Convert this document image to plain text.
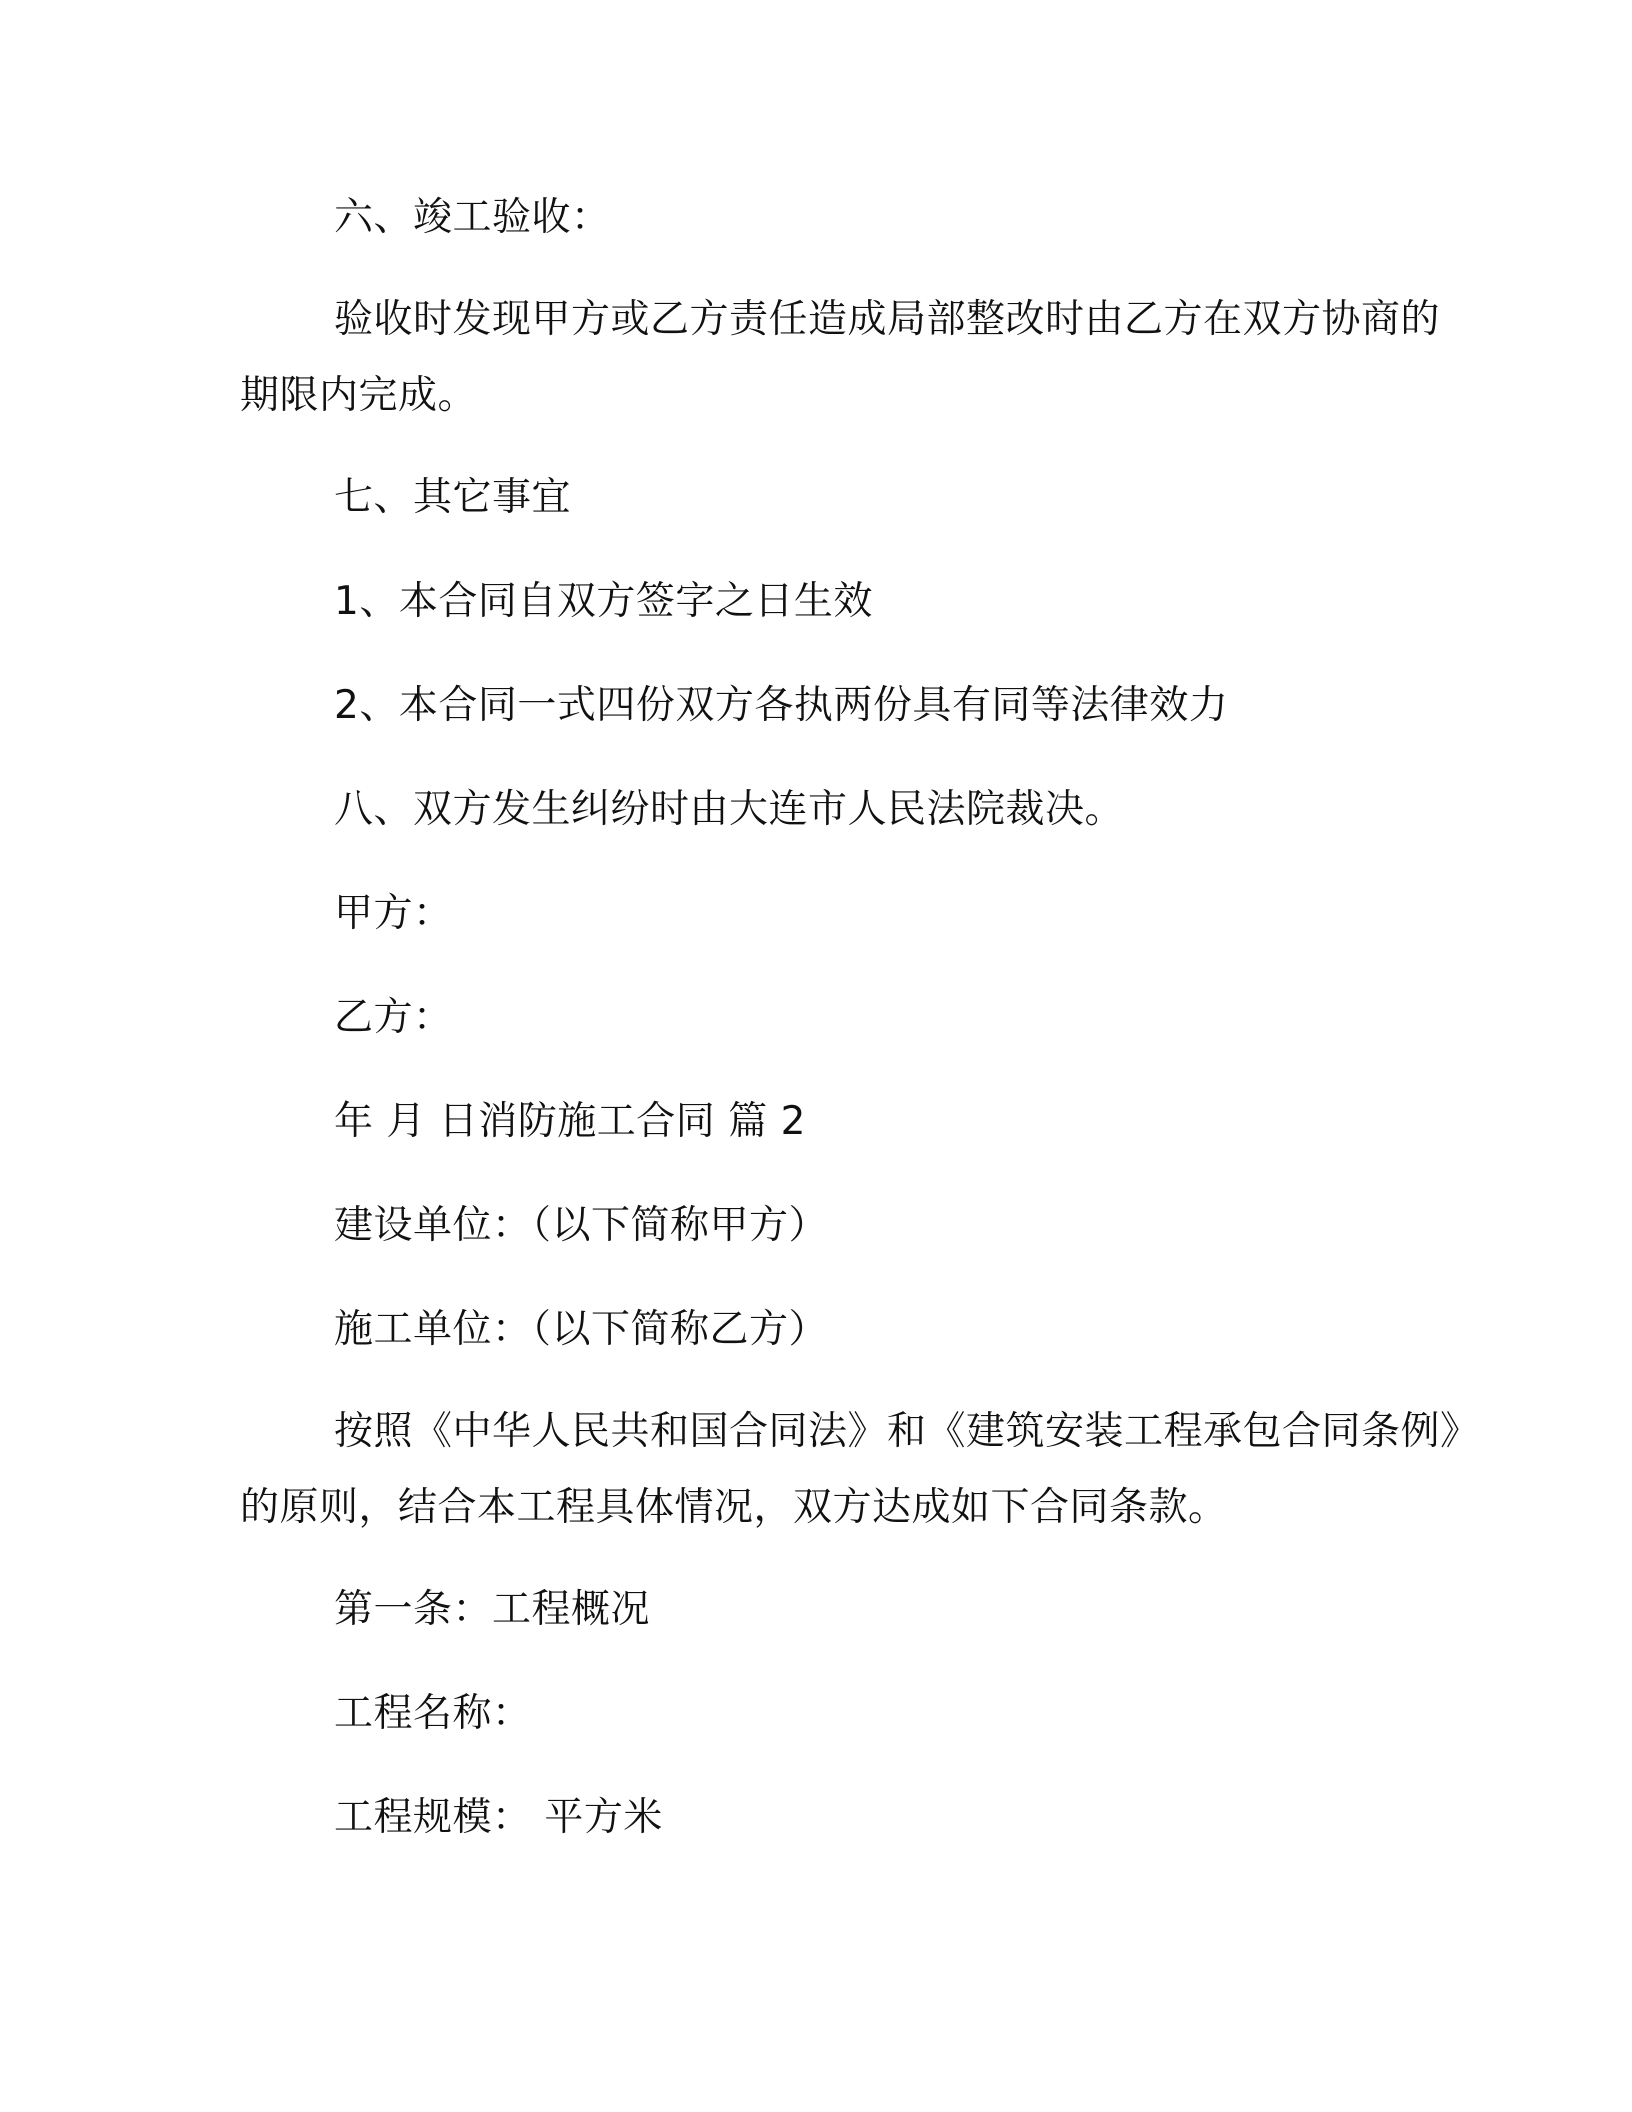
六、竣工验收：
验收时发现甲方或乙方责任造成局部整改时由乙方在双方协商的
期限内完成。
七、其它事宜
1、本合同自双方签字之日生效
2、本合同一式四份双方各执两份具有同等法律效力
八、双方发生纠纷时由大连市人民法院裁决。
甲方：
乙方：
年 月 日消防施工合同 篇 2
建设单位：（以下简称甲方）
施工单位：（以下简称乙方）
按照《中华人民共和国合同法》和《建筑安装工程承包合同条例》
的原则，结合本工程具体情况，双方达成如下合同条款。
第一条：工程概况
工程名称：
工程规模： 平方米
